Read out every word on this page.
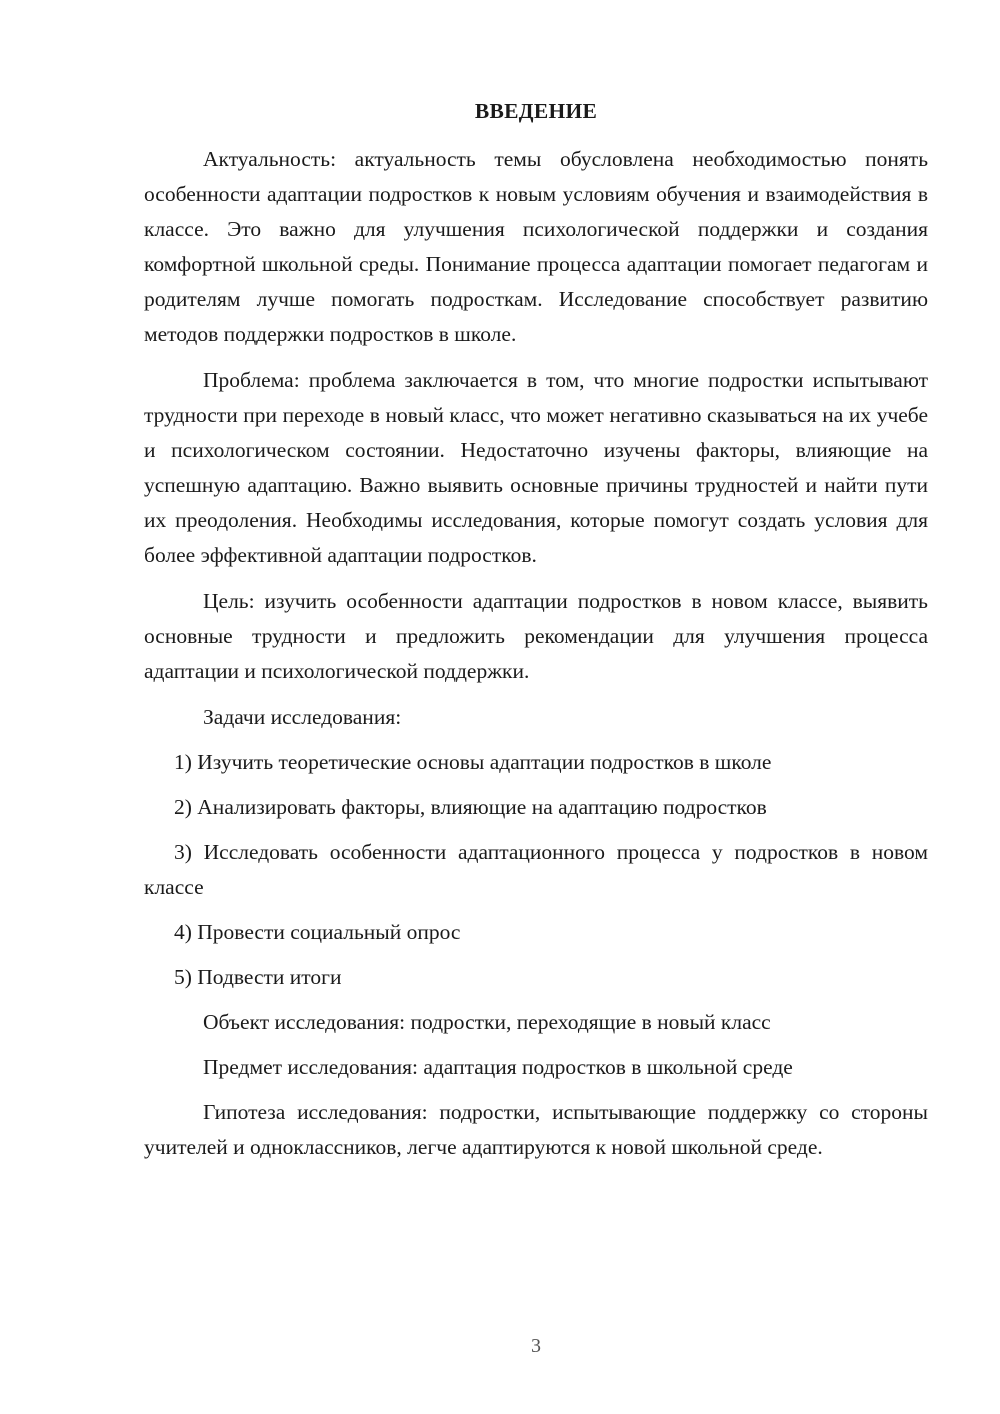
ВВЕДЕНИЕ

Актуальность: актуальность темы обусловлена необходимостью понять особенности адаптации подростков к новым условиям обучения и взаимодействия в классе. Это важно для улучшения психологической поддержки и создания комфортной школьной среды. Понимание процесса адаптации помогает педагогам и родителям лучше помогать подросткам. Исследование способствует развитию методов поддержки подростков в школе.

Проблема: проблема заключается в том, что многие подростки испытывают трудности при переходе в новый класс, что может негативно сказываться на их учебе и психологическом состоянии. Недостаточно изучены факторы, влияющие на успешную адаптацию. Важно выявить основные причины трудностей и найти пути их преодоления. Необходимы исследования, которые помогут создать условия для более эффективной адаптации подростков.

Цель: изучить особенности адаптации подростков в новом классе, выявить основные трудности и предложить рекомендации для улучшения процесса адаптации и психологической поддержки.

Задачи исследования:

1) Изучить теоретические основы адаптации подростков в школе

2) Анализировать факторы, влияющие на адаптацию подростков

3) Исследовать особенности адаптационного процесса у подростков в новом классе

4) Провести социальный опрос

5) Подвести итоги

Объект исследования: подростки, переходящие в новый класс

Предмет исследования: адаптация подростков в школьной среде

Гипотеза исследования: подростки, испытывающие поддержку со стороны учителей и одноклассников, легче адаптируются к новой школьной среде.

3
